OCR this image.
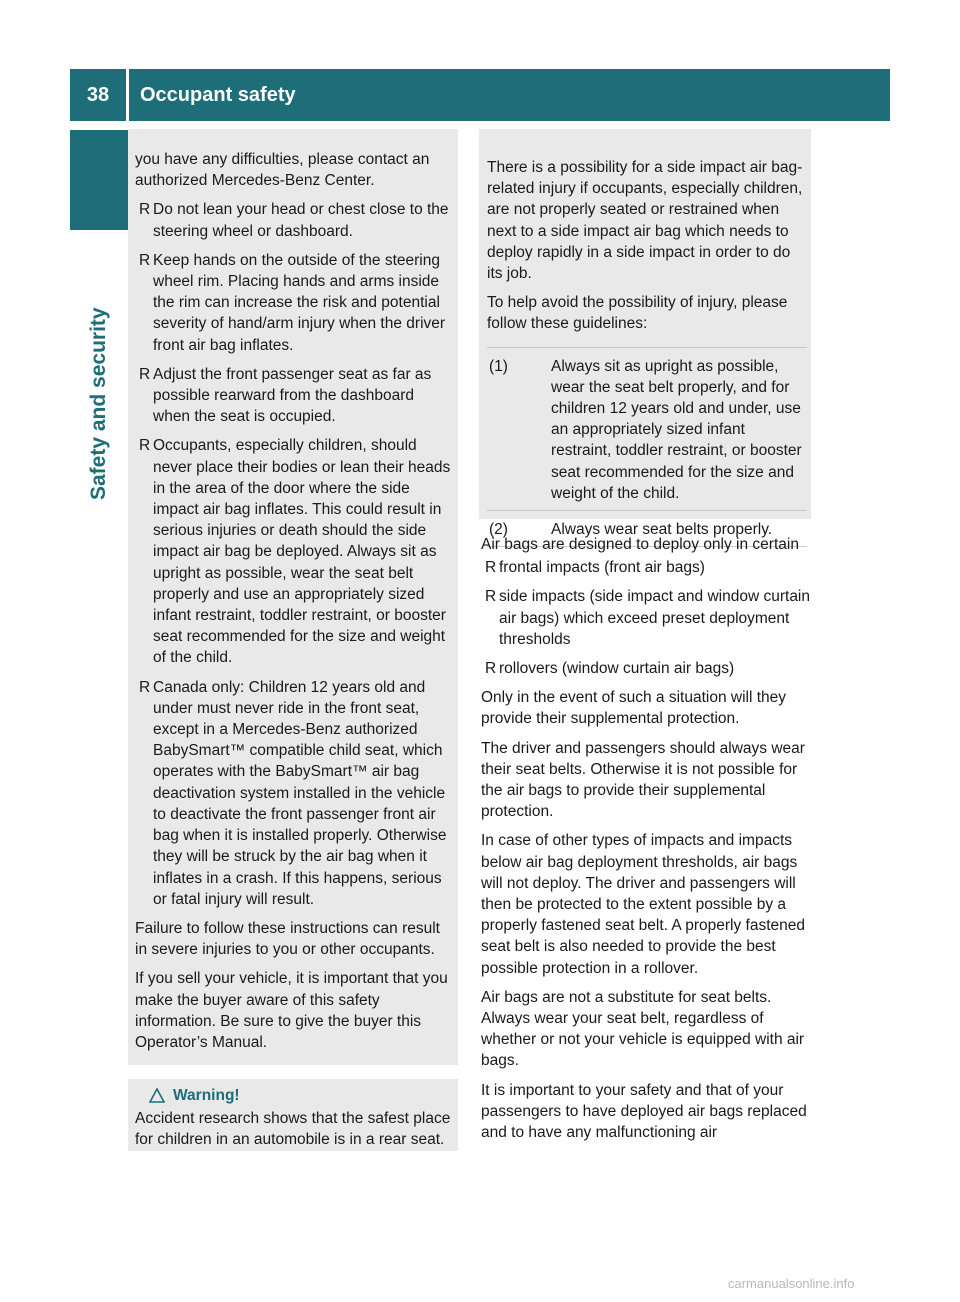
38	Occupant safety
Safety and security

you have any difficulties, please contact an authorized Mercedes-Benz Center.

R Do not lean your head or chest close to the steering wheel or dashboard.
R Keep hands on the outside of the steering wheel rim. Placing hands and arms inside the rim can increase the risk and potential severity of hand/arm injury when the driver front air bag inflates.
R Adjust the front passenger seat as far as possible rearward from the dashboard when the seat is occupied.
R Occupants, especially children, should never place their bodies or lean their heads in the area of the door where the side impact air bag inflates. This could result in serious injuries or death should the side impact air bag be deployed. Always sit as upright as possible, wear the seat belt properly and use an appropriately sized infant restraint, toddler restraint, or booster seat recommended for the size and weight of the child.
R Canada only: Children 12 years old and under must never ride in the front seat, except in a Mercedes-Benz authorized BabySmart™ compatible child seat, which operates with the BabySmart™ air bag deactivation system installed in the vehicle to deactivate the front passenger front air bag when it is installed properly. Otherwise they will be struck by the air bag when it inflates in a crash. If this happens, serious or fatal injury will result.

Failure to follow these instructions can result in severe injuries to you or other occupants.

If you sell your vehicle, it is important that you make the buyer aware of this safety information. Be sure to give the buyer this Operator’s Manual.

Warning!
Accident research shows that the safest place for children in an automobile is in a rear seat.

There is a possibility for a side impact air bag-related injury if occupants, especially children, are not properly seated or restrained when next to a side impact air bag which needs to deploy rapidly in a side impact in order to do its job.

To help avoid the possibility of injury, please follow these guidelines:

(1)	Always sit as upright as possible, wear the seat belt properly, and for children 12 years old and under, use an appropriately sized infant restraint, toddler restraint, or booster seat recommended for the size and weight of the child.
(2)	Always wear seat belts properly.

Air bags are designed to deploy only in certain

R frontal impacts (front air bags)
R side impacts (side impact and window curtain air bags) which exceed preset deployment thresholds
R rollovers (window curtain air bags)

Only in the event of such a situation will they provide their supplemental protection.

The driver and passengers should always wear their seat belts. Otherwise it is not possible for the air bags to provide their supplemental protection.

In case of other types of impacts and impacts below air bag deployment thresholds, air bags will not deploy. The driver and passengers will then be protected to the extent possible by a properly fastened seat belt. A properly fastened seat belt is also needed to provide the best possible protection in a rollover.

Air bags are not a substitute for seat belts. Always wear your seat belt, regardless of whether or not your vehicle is equipped with air bags.

It is important to your safety and that of your passengers to have deployed air bags replaced and to have any malfunctioning air

carmanualsonline.info
